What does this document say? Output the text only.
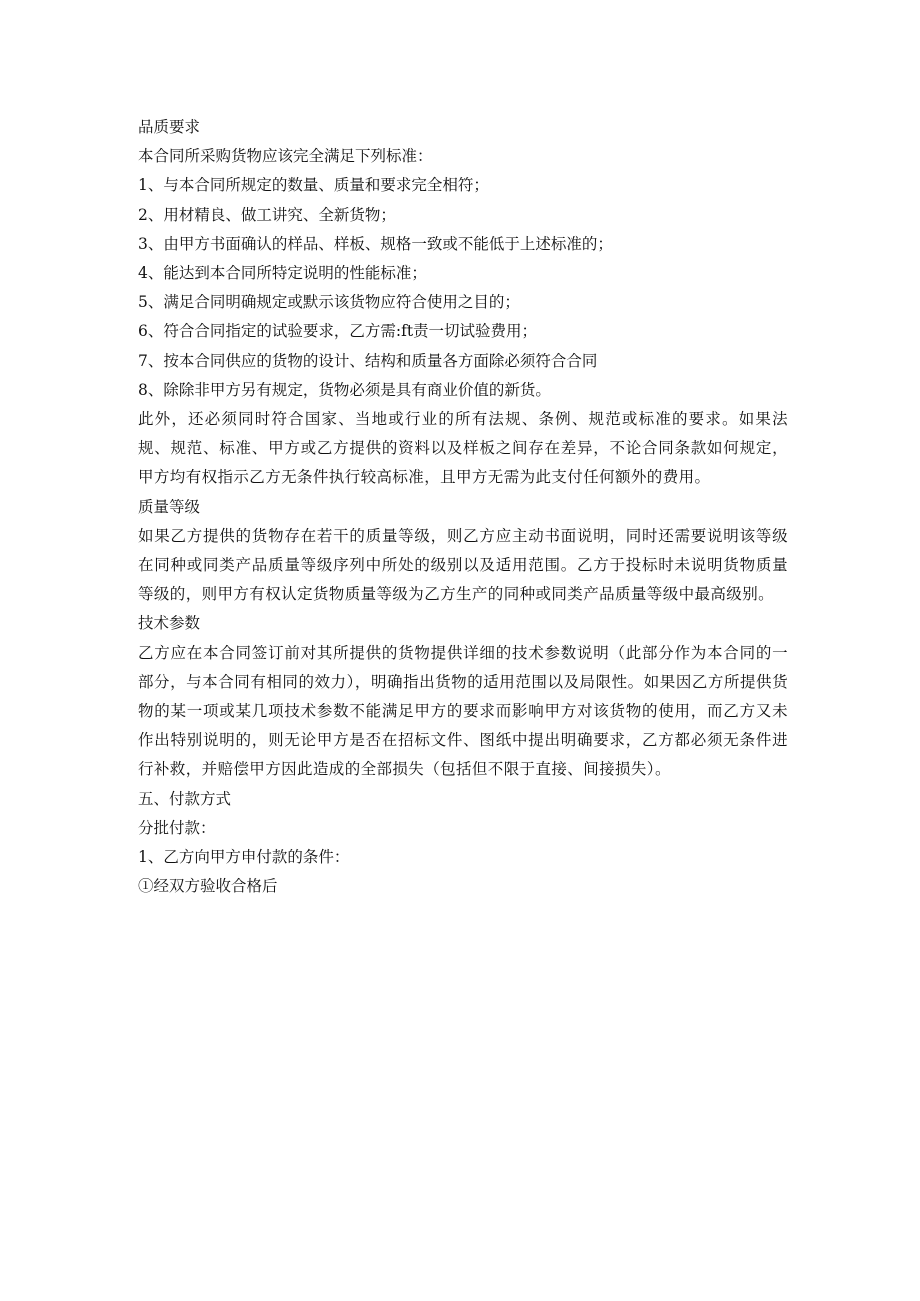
品质要求

本合同所采购货物应该完全满足下列标准：

1、与本合同所规定的数量、质量和要求完全相符；

2、用材精良、做工讲究、全新货物；

3、由甲方书面确认的样品、样板、规格一致或不能低于上述标准的；

4、能达到本合同所特定说明的性能标准；

5、满足合同明确规定或默示该货物应符合使用之目的；

6、符合合同指定的试验要求，乙方需:ft责一切试验费用；

7、按本合同供应的货物的设计、结构和质量各方面除必须符合合同

8、除除非甲方另有规定，货物必须是具有商业价值的新货。

此外，还必须同时符合国家、当地或行业的所有法规、条例、规范或标准的要求。如果法规、规范、标准、甲方或乙方提供的资料以及样板之间存在差异，不论合同条款如何规定，甲方均有权指示乙方无条件执行较高标准，且甲方无需为此支付任何额外的费用。

质量等级

如果乙方提供的货物存在若干的质量等级，则乙方应主动书面说明，同时还需要说明该等级在同种或同类产品质量等级序列中所处的级别以及适用范围。乙方于投标时未说明货物质量等级的，则甲方有权认定货物质量等级为乙方生产的同种或同类产品质量等级中最高级别。

技术参数

乙方应在本合同签订前对其所提供的货物提供详细的技术参数说明（此部分作为本合同的一部分，与本合同有相同的效力），明确指出货物的适用范围以及局限性。如果因乙方所提供货物的某一项或某几项技术参数不能满足甲方的要求而影响甲方对该货物的使用，而乙方又未作出特别说明的，则无论甲方是否在招标文件、图纸中提出明确要求，乙方都必须无条件进行补救，并赔偿甲方因此造成的全部损失（包括但不限于直接、间接损失）。

五、付款方式

分批付款：

1、乙方向甲方申付款的条件：

①经双方验收合格后
